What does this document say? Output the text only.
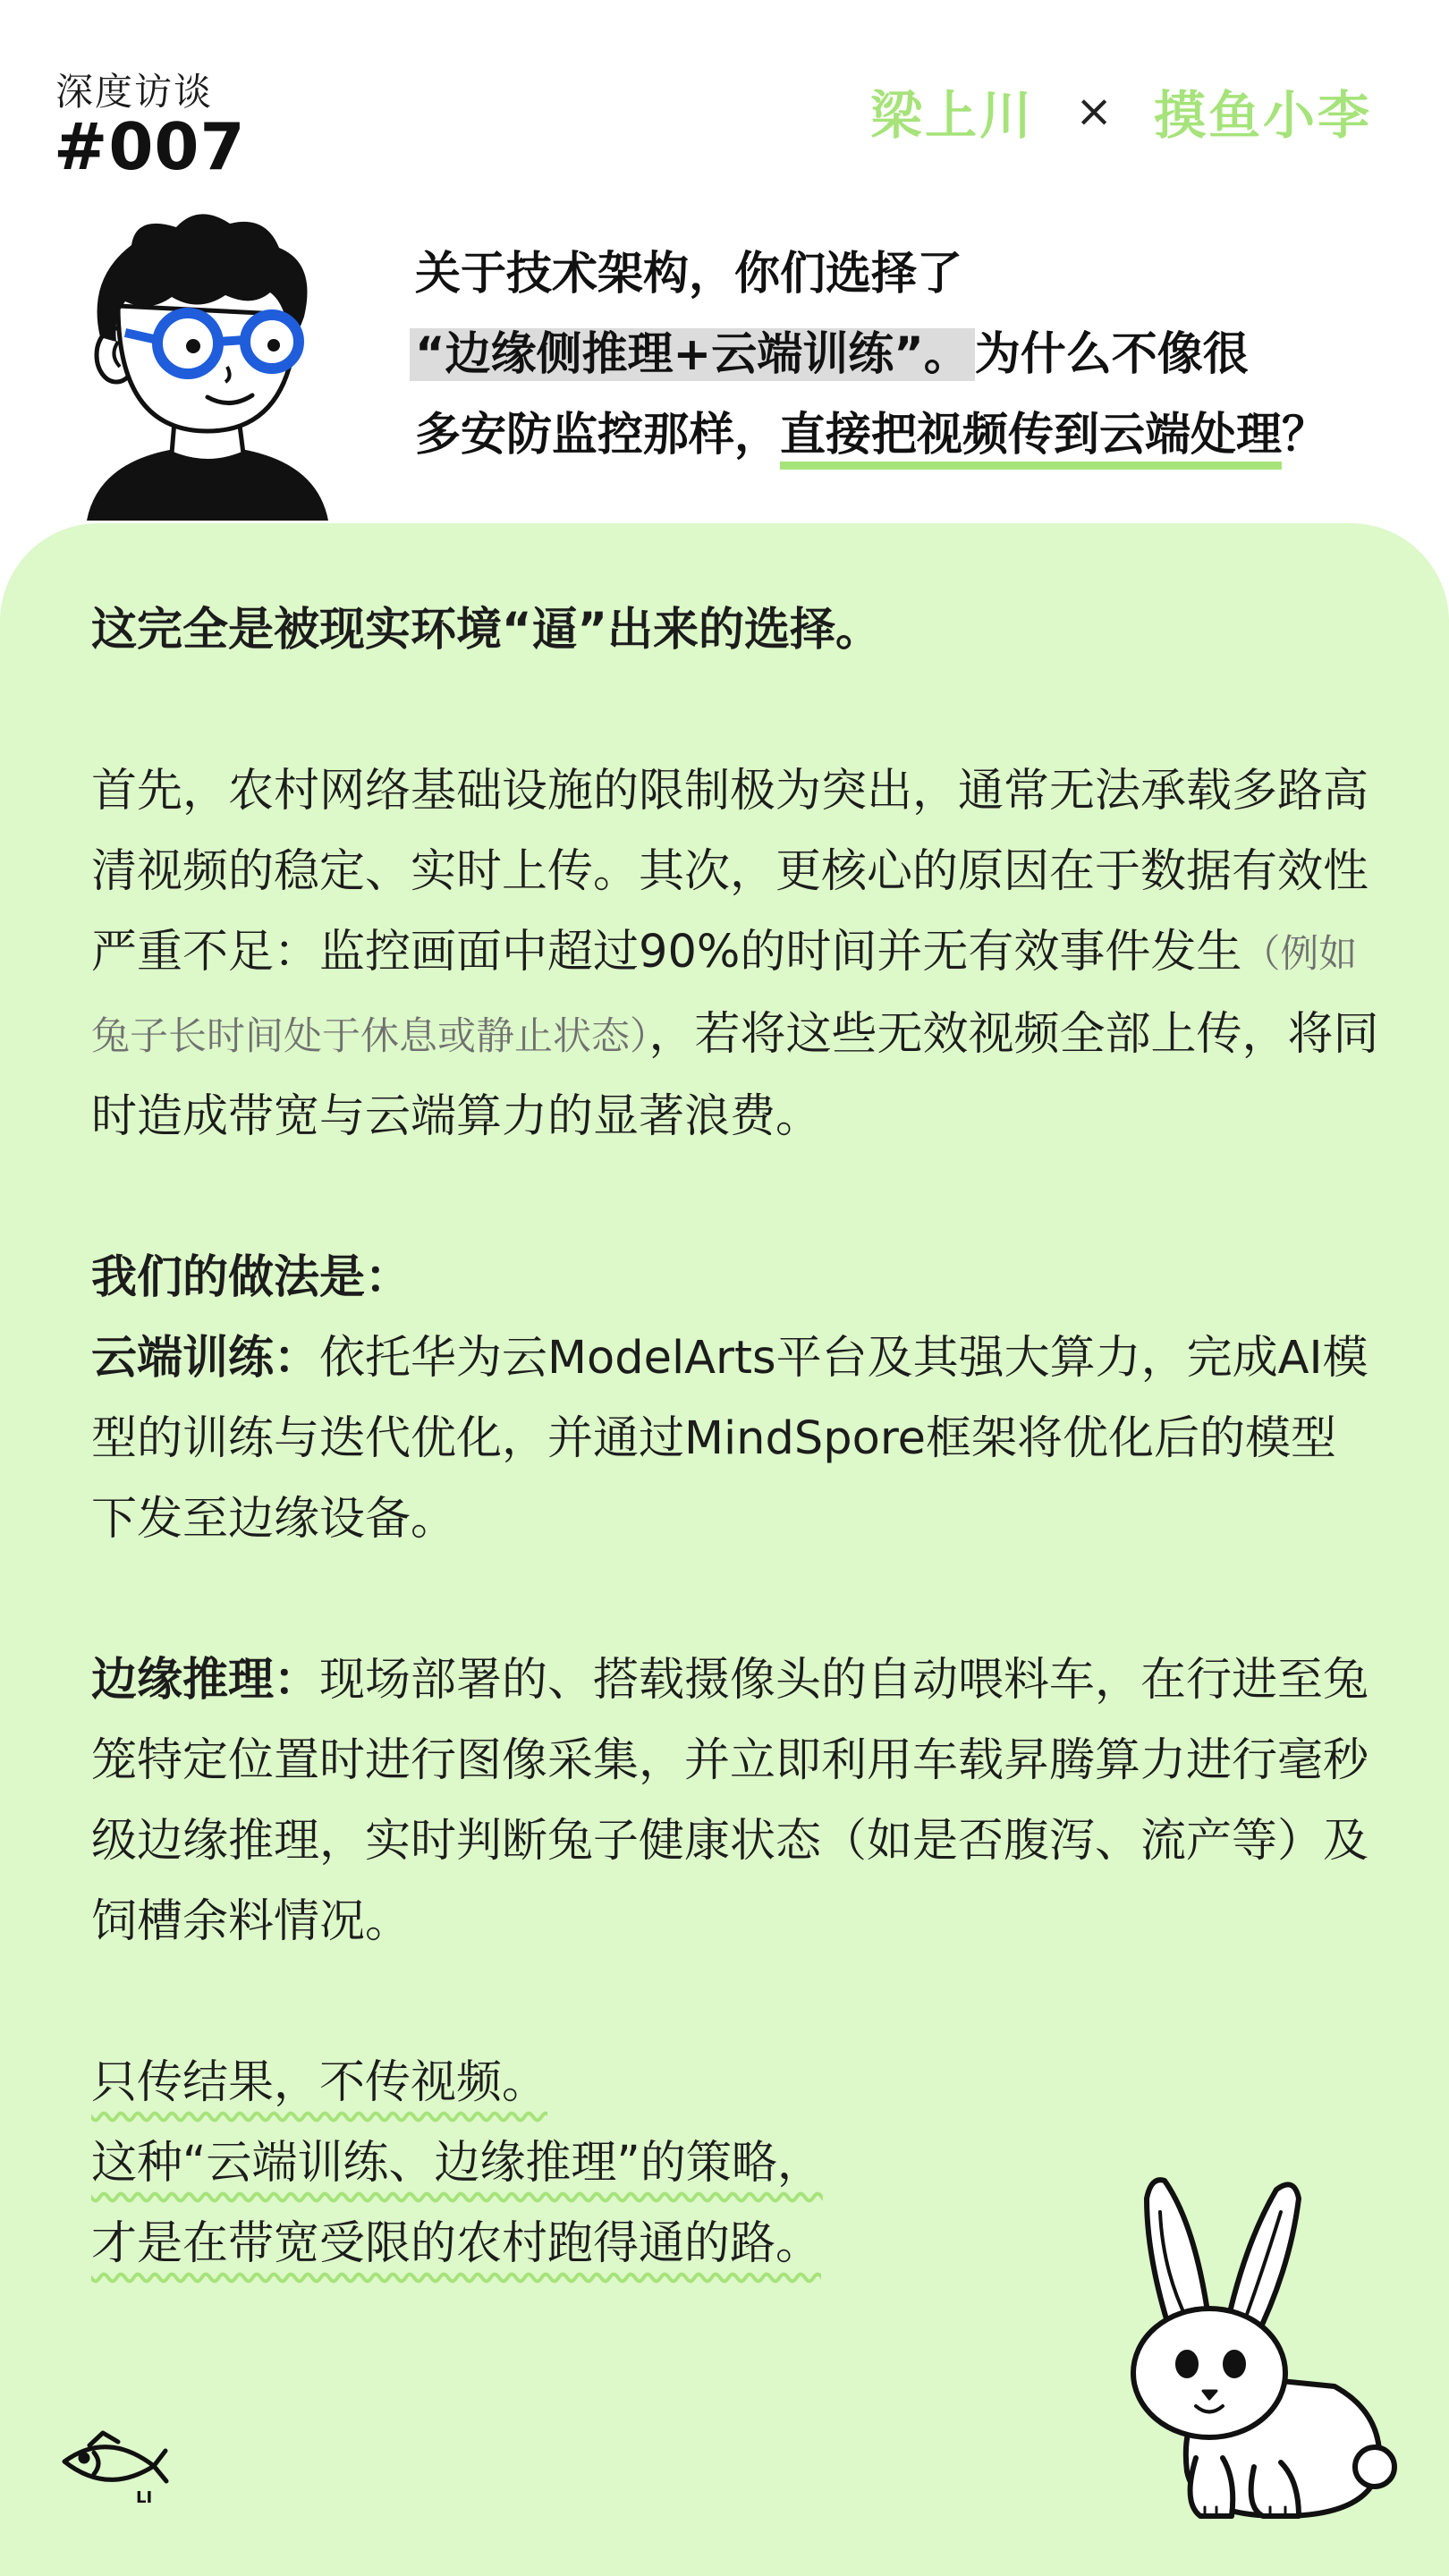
深度访谈
#007	梁上川 × 摸鱼小李
关于技术架构，你们选择了
“边缘侧推理+云端训练”。 为什么不像很
多安防监控那样，直接把视频传到云端处理？

这完全是被现实环境“逼”出来的选择。

首先，农村网络基础设施的限制极为突出，通常无法承载多路高清视频的稳定、实时上传。其次，更核心的原因在于数据有效性严重不足：监控画面中超过90%的时间并无有效事件发生（例如兔子长时间处于休息或静止状态），若将这些无效视频全部上传，将同时造成带宽与云端算力的显著浪费。

我们的做法是：

云端训练：依托华为云ModelArts平台及其强大算力，完成AI模型的训练与迭代优化，并通过MindSpore框架将优化后的模型下发至边缘设备。

边缘推理：现场部署的、搭载摄像头的自动喂料车，在行进至兔笼特定位置时进行图像采集，并立即利用车载昇腾算力进行毫秒级边缘推理，实时判断兔子健康状态（如是否腹泻、流产等）及饲槽余料情况。

只传结果，不传视频。

这种“云端训练、边缘推理”的策略，

才是在带宽受限的农村跑得通的路。

LI
